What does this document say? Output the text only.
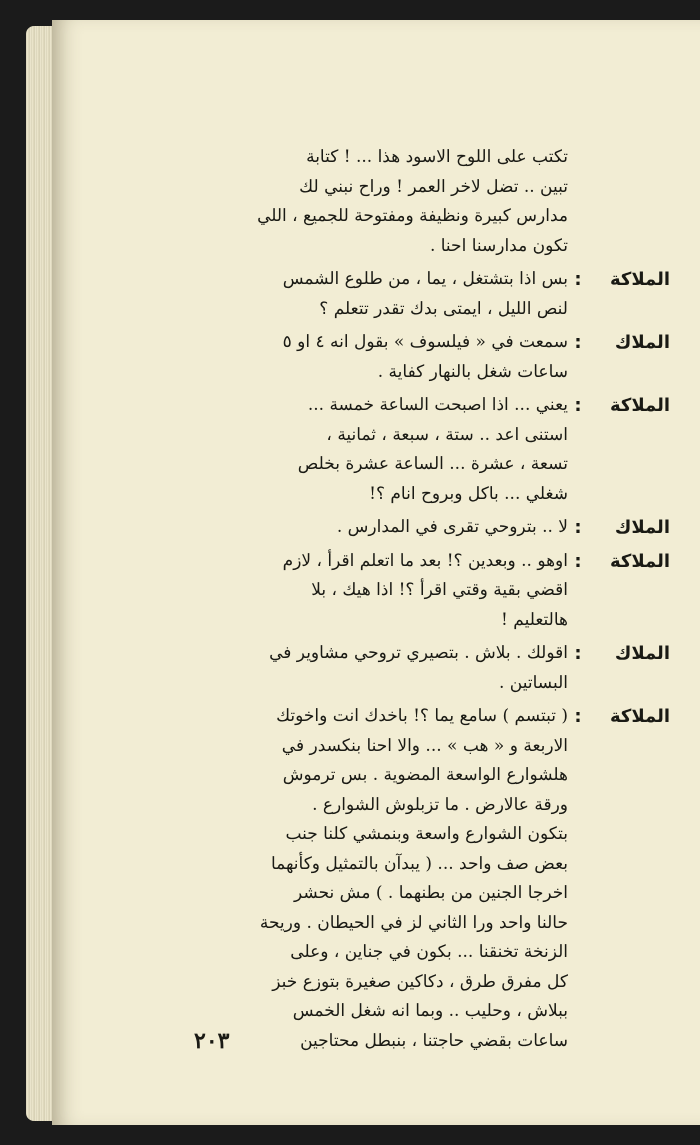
تكتب على اللوح الاسود هذا ... ! كتابة
تبين .. تضل لاخر العمر ! وراح نبني لك
مدارس كبيرة ونظيفة ومفتوحة للجميع ، اللي
تكون مدارسنا احنا .
الملاكة
:
بس اذا بتشتغل ، يما ، من طلوع الشمس
لنص الليل ، ايمتى بدك تقدر تتعلم ؟
الملاك
:
سمعت في « فيلسوف » بقول انه ٤ او ٥
ساعات شغل بالنهار كفاية .
الملاكة
:
يعني ... اذا اصبحت الساعة خمسة ...
استنى اعد .. ستة ، سبعة ، ثمانية ،
تسعة ، عشرة ... الساعة عشرة بخلص
شغلي ... باكل وبروح انام ؟!
الملاك
:
لا .. بتروحي تقرى في المدارس .
الملاكة
:
اوهو .. وبعدين ؟! بعد ما اتعلم اقرأ ، لازم
اقضي بقية وقتي اقرأ ؟! اذا هيك ، بلا
هالتعليم !
الملاك
:
اقولك . بلاش . بتصيري تروحي مشاوير في
البساتين .
الملاكة
:
( تبتسم ) سامع يما ؟! باخدك انت واخوتك
الاربعة و « هب » ... والا احنا بنكسدر في
هلشوارع الواسعة المضوية . بس ترموش
ورقة عالارض . ما تزبلوش الشوارع .
بتكون الشوارع واسعة وبنمشي كلنا جنب
بعض صف واحد ... ( يبدآن بالتمثيل وكأنهما
اخرجا الجنين من بطنهما . ) مش نحشر
حالنا واحد ورا الثاني لز في الحيطان . وريحة
الزنخة تخنقنا ... بكون في جناين ، وعلى
كل مفرق طرق ، دكاكين صغيرة بتوزع خبز
ببلاش ، وحليب .. وبما انه شغل الخمس
ساعات بقضي حاجتنا ، بنبطل محتاجين
٢٠٣
